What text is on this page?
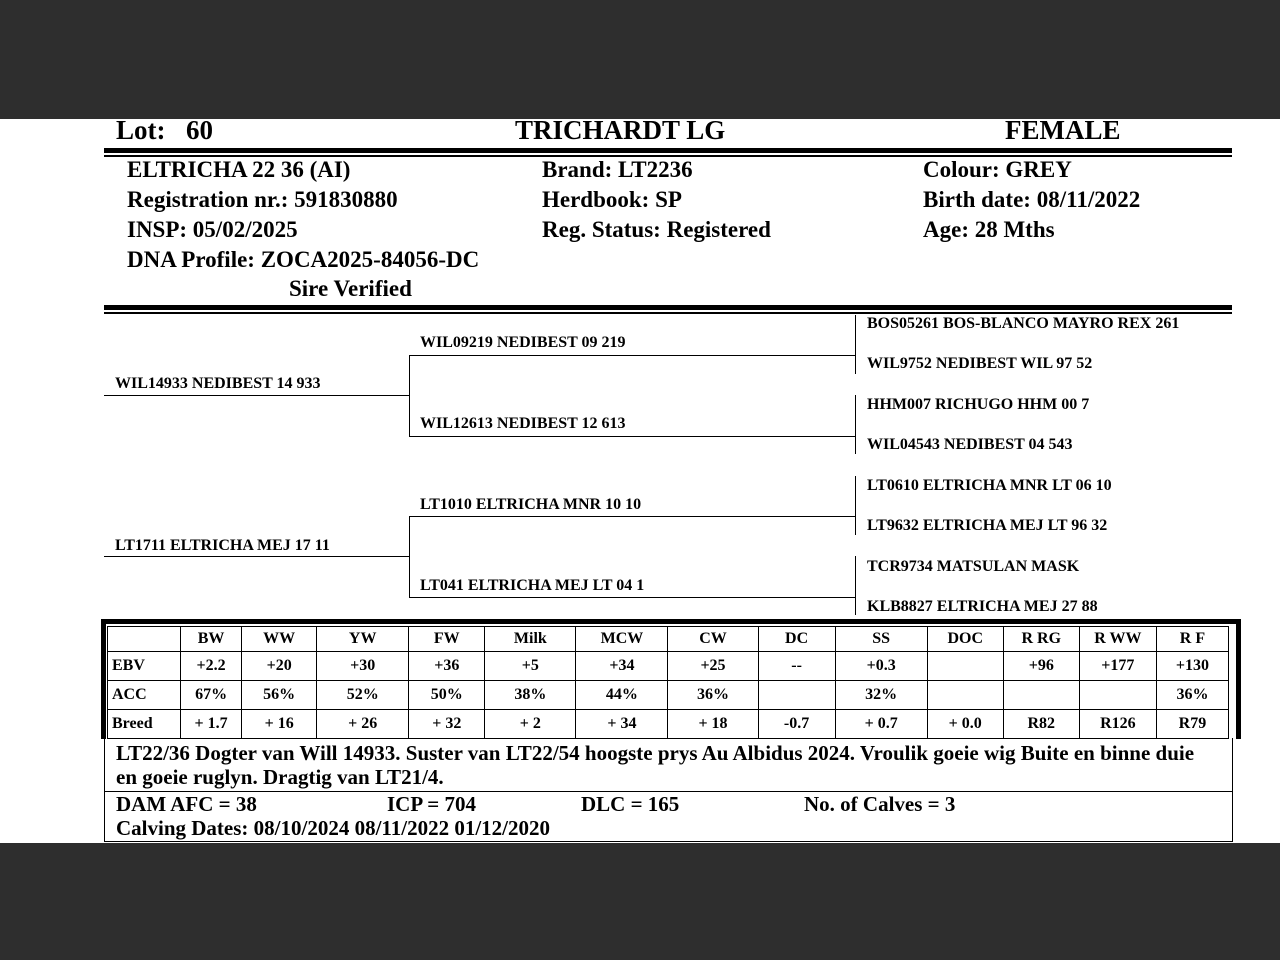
Lot: 60	TRICHARDT LG	FEMALE
ELTRICHA 22 36 (AI)
Registration nr.: 591830880
INSP: 05/02/2025
DNA Profile: ZOCA2025-84056-DC
Sire Verified
Brand: LT2236
Herdbook: SP
Reg. Status: Registered
Colour: GREY
Birth date: 08/11/2022
Age: 28 Mths
WIL14933 NEDIBEST 14 933
LT1711 ELTRICHA MEJ 17 11
WIL09219 NEDIBEST 09 219
WIL12613 NEDIBEST 12 613
LT1010 ELTRICHA MNR 10 10
LT041 ELTRICHA MEJ LT 04 1
BOS05261 BOS-BLANCO MAYRO REX 261
WIL9752 NEDIBEST WIL 97 52
HHM007 RICHUGO HHM 00 7
WIL04543 NEDIBEST 04 543
LT0610 ELTRICHA MNR LT 06 10
LT9632 ELTRICHA MEJ LT 96 32
TCR9734 MATSULAN MASK
KLB8827 ELTRICHA MEJ 27 88
	BW	WW	YW	FW	Milk	MCW	CW	DC	SS	DOC	R RG	R WW	R F
EBV	+2.2	+20	+30	+36	+5	+34	+25	--	+0.3		+96	+177	+130
ACC	67%	56%	52%	50%	38%	44%	36%		32%				36%
Breed	+ 1.7	+ 16	+ 26	+ 32	+ 2	+ 34	+ 18	-0.7	+ 0.7	+ 0.0	R82	R126	R79
LT22/36 Dogter van Will 14933. Suster van LT22/54 hoogste prys Au Albidus 2024. Vroulik goeie wig Buite en binne duie en goeie ruglyn. Dragtig van LT21/4.
DAM AFC = 38	ICP = 704	DLC = 165	No. of Calves = 3
Calving Dates: 08/10/2024 08/11/2022 01/12/2020
